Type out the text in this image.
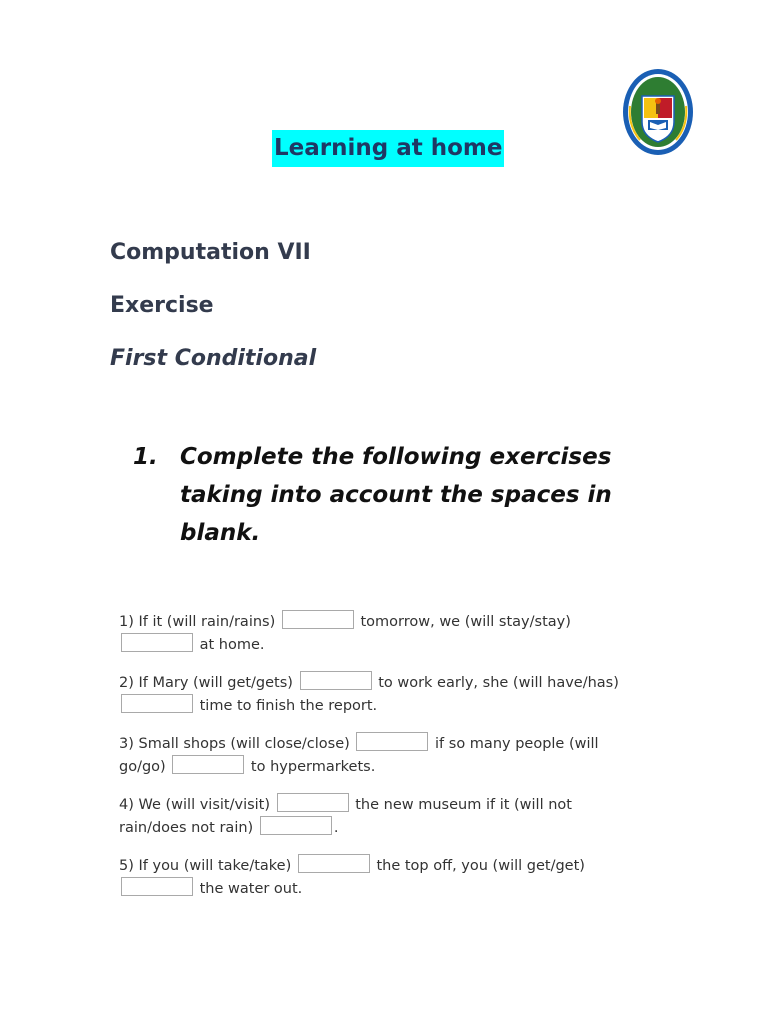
Learning at home
Computation VII
Exercise
First Conditional
1. Complete the following exercises taking into account the spaces in blank.
1) If it (will rain/rains)	tomorrow, we (will stay/stay)  at home.
2) If Mary (will get/gets)	to work early, she (will have/has)  time to finish the report.
3) Small shops (will close/close)	if so many people (will go/go)	to hypermarkets.
4) We (will visit/visit)	the new museum if it (will not rain/does not rain)	.
5) If you (will take/take)	the top off, you (will get/get)  the water out.
